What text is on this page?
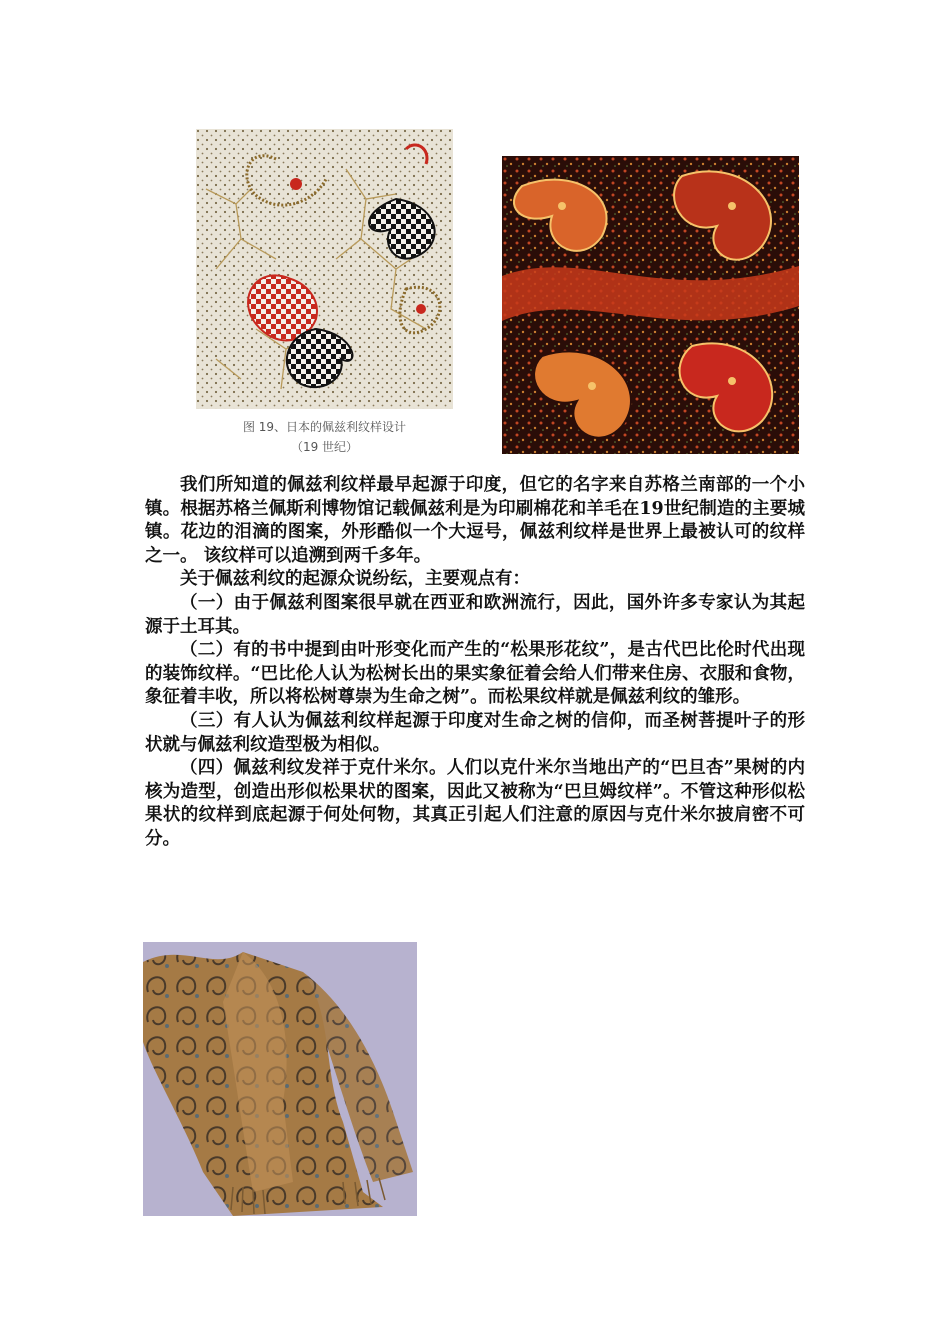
图 19、日本的佩兹利纹样设计
（19 世纪）

我们所知道的佩兹利纹样最早起源于印度，但它的名字来自苏格兰南部的一个小镇。根据苏格兰佩斯利博物馆记载佩兹利是为印刷棉花和羊毛在19世纪制造的主要城镇。花边的泪滴的图案，外形酷似一个大逗号，佩兹利纹样是世界上最被认可的纹样之一。 该纹样可以追溯到两千多年。

关于佩兹利纹的起源众说纷纭，主要观点有：

（一）由于佩兹利图案很早就在西亚和欧洲流行，因此，国外许多专家认为其起源于土耳其。

（二）有的书中提到由叶形变化而产生的“松果形花纹”，是古代巴比伦时代出现的装饰纹样。“巴比伦人认为松树长出的果实象征着会给人们带来住房、衣服和食物，象征着丰收，所以将松树尊崇为生命之树”。而松果纹样就是佩兹利纹的雏形。

（三）有人认为佩兹利纹样起源于印度对生命之树的信仰，而圣树菩提叶子的形状就与佩兹利纹造型极为相似。

（四）佩兹利纹发祥于克什米尔。人们以克什米尔当地出产的“巴旦杏”果树的内核为造型，创造出形似松果状的图案，因此又被称为“巴旦姆纹样”。不管这种形似松果状的纹样到底起源于何处何物，其真正引起人们注意的原因与克什米尔披肩密不可分。
